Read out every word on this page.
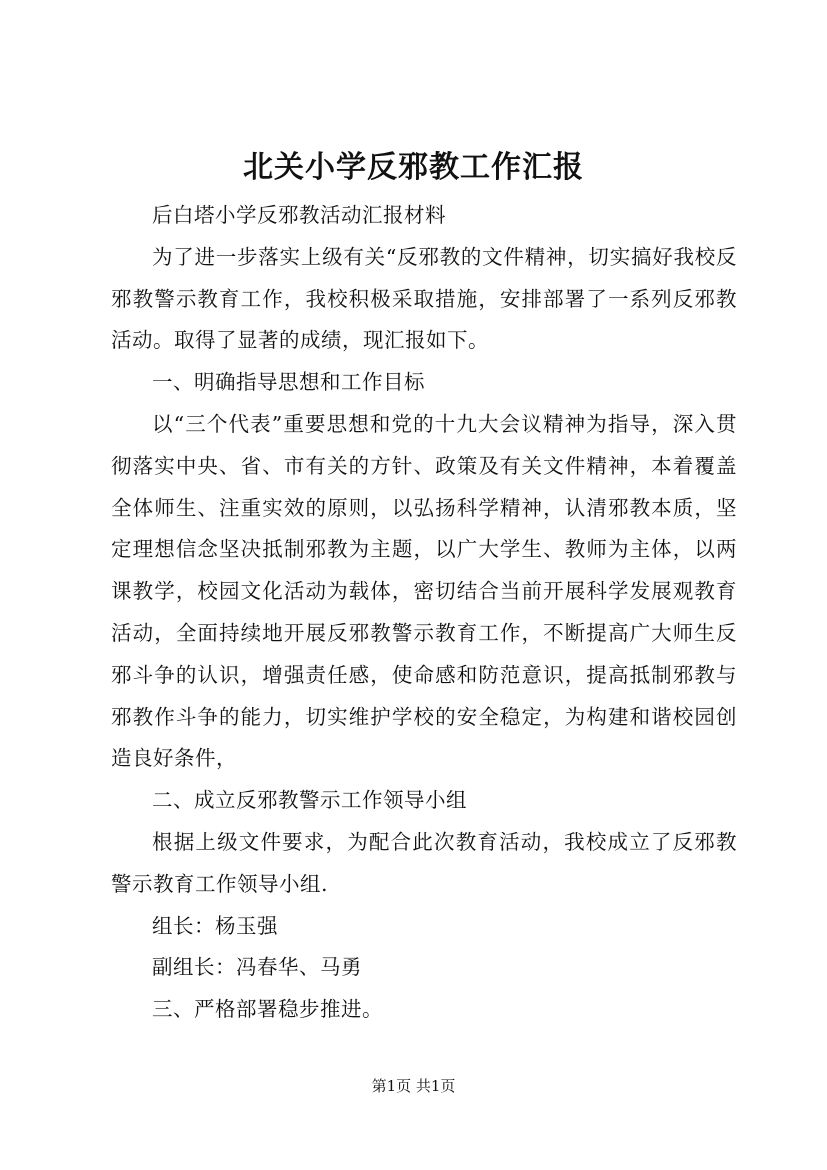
北关小学反邪教工作汇报

后白塔小学反邪教活动汇报材料

为了进一步落实上级有关“反邪教的文件精神，切实搞好我校反邪教警示教育工作，我校积极采取措施，安排部署了一系列反邪教活动。取得了显著的成绩，现汇报如下。

一、明确指导思想和工作目标

以“三个代表”重要思想和党的十九大会议精神为指导，深入贯彻落实中央、省、市有关的方针、政策及有关文件精神，本着覆盖全体师生、注重实效的原则，以弘扬科学精神，认清邪教本质，坚定理想信念坚决抵制邪教为主题，以广大学生、教师为主体，以两课教学，校园文化活动为载体，密切结合当前开展科学发展观教育活动，全面持续地开展反邪教警示教育工作，不断提高广大师生反邪斗争的认识，增强责任感，使命感和防范意识，提高抵制邪教与邪教作斗争的能力，切实维护学校的安全稳定，为构建和谐校园创造良好条件，

二、成立反邪教警示工作领导小组

根据上级文件要求，为配合此次教育活动，我校成立了反邪教警示教育工作领导小组.

组长：杨玉强

副组长：冯春华、马勇

三、严格部署稳步推进。

第1页 共1页
